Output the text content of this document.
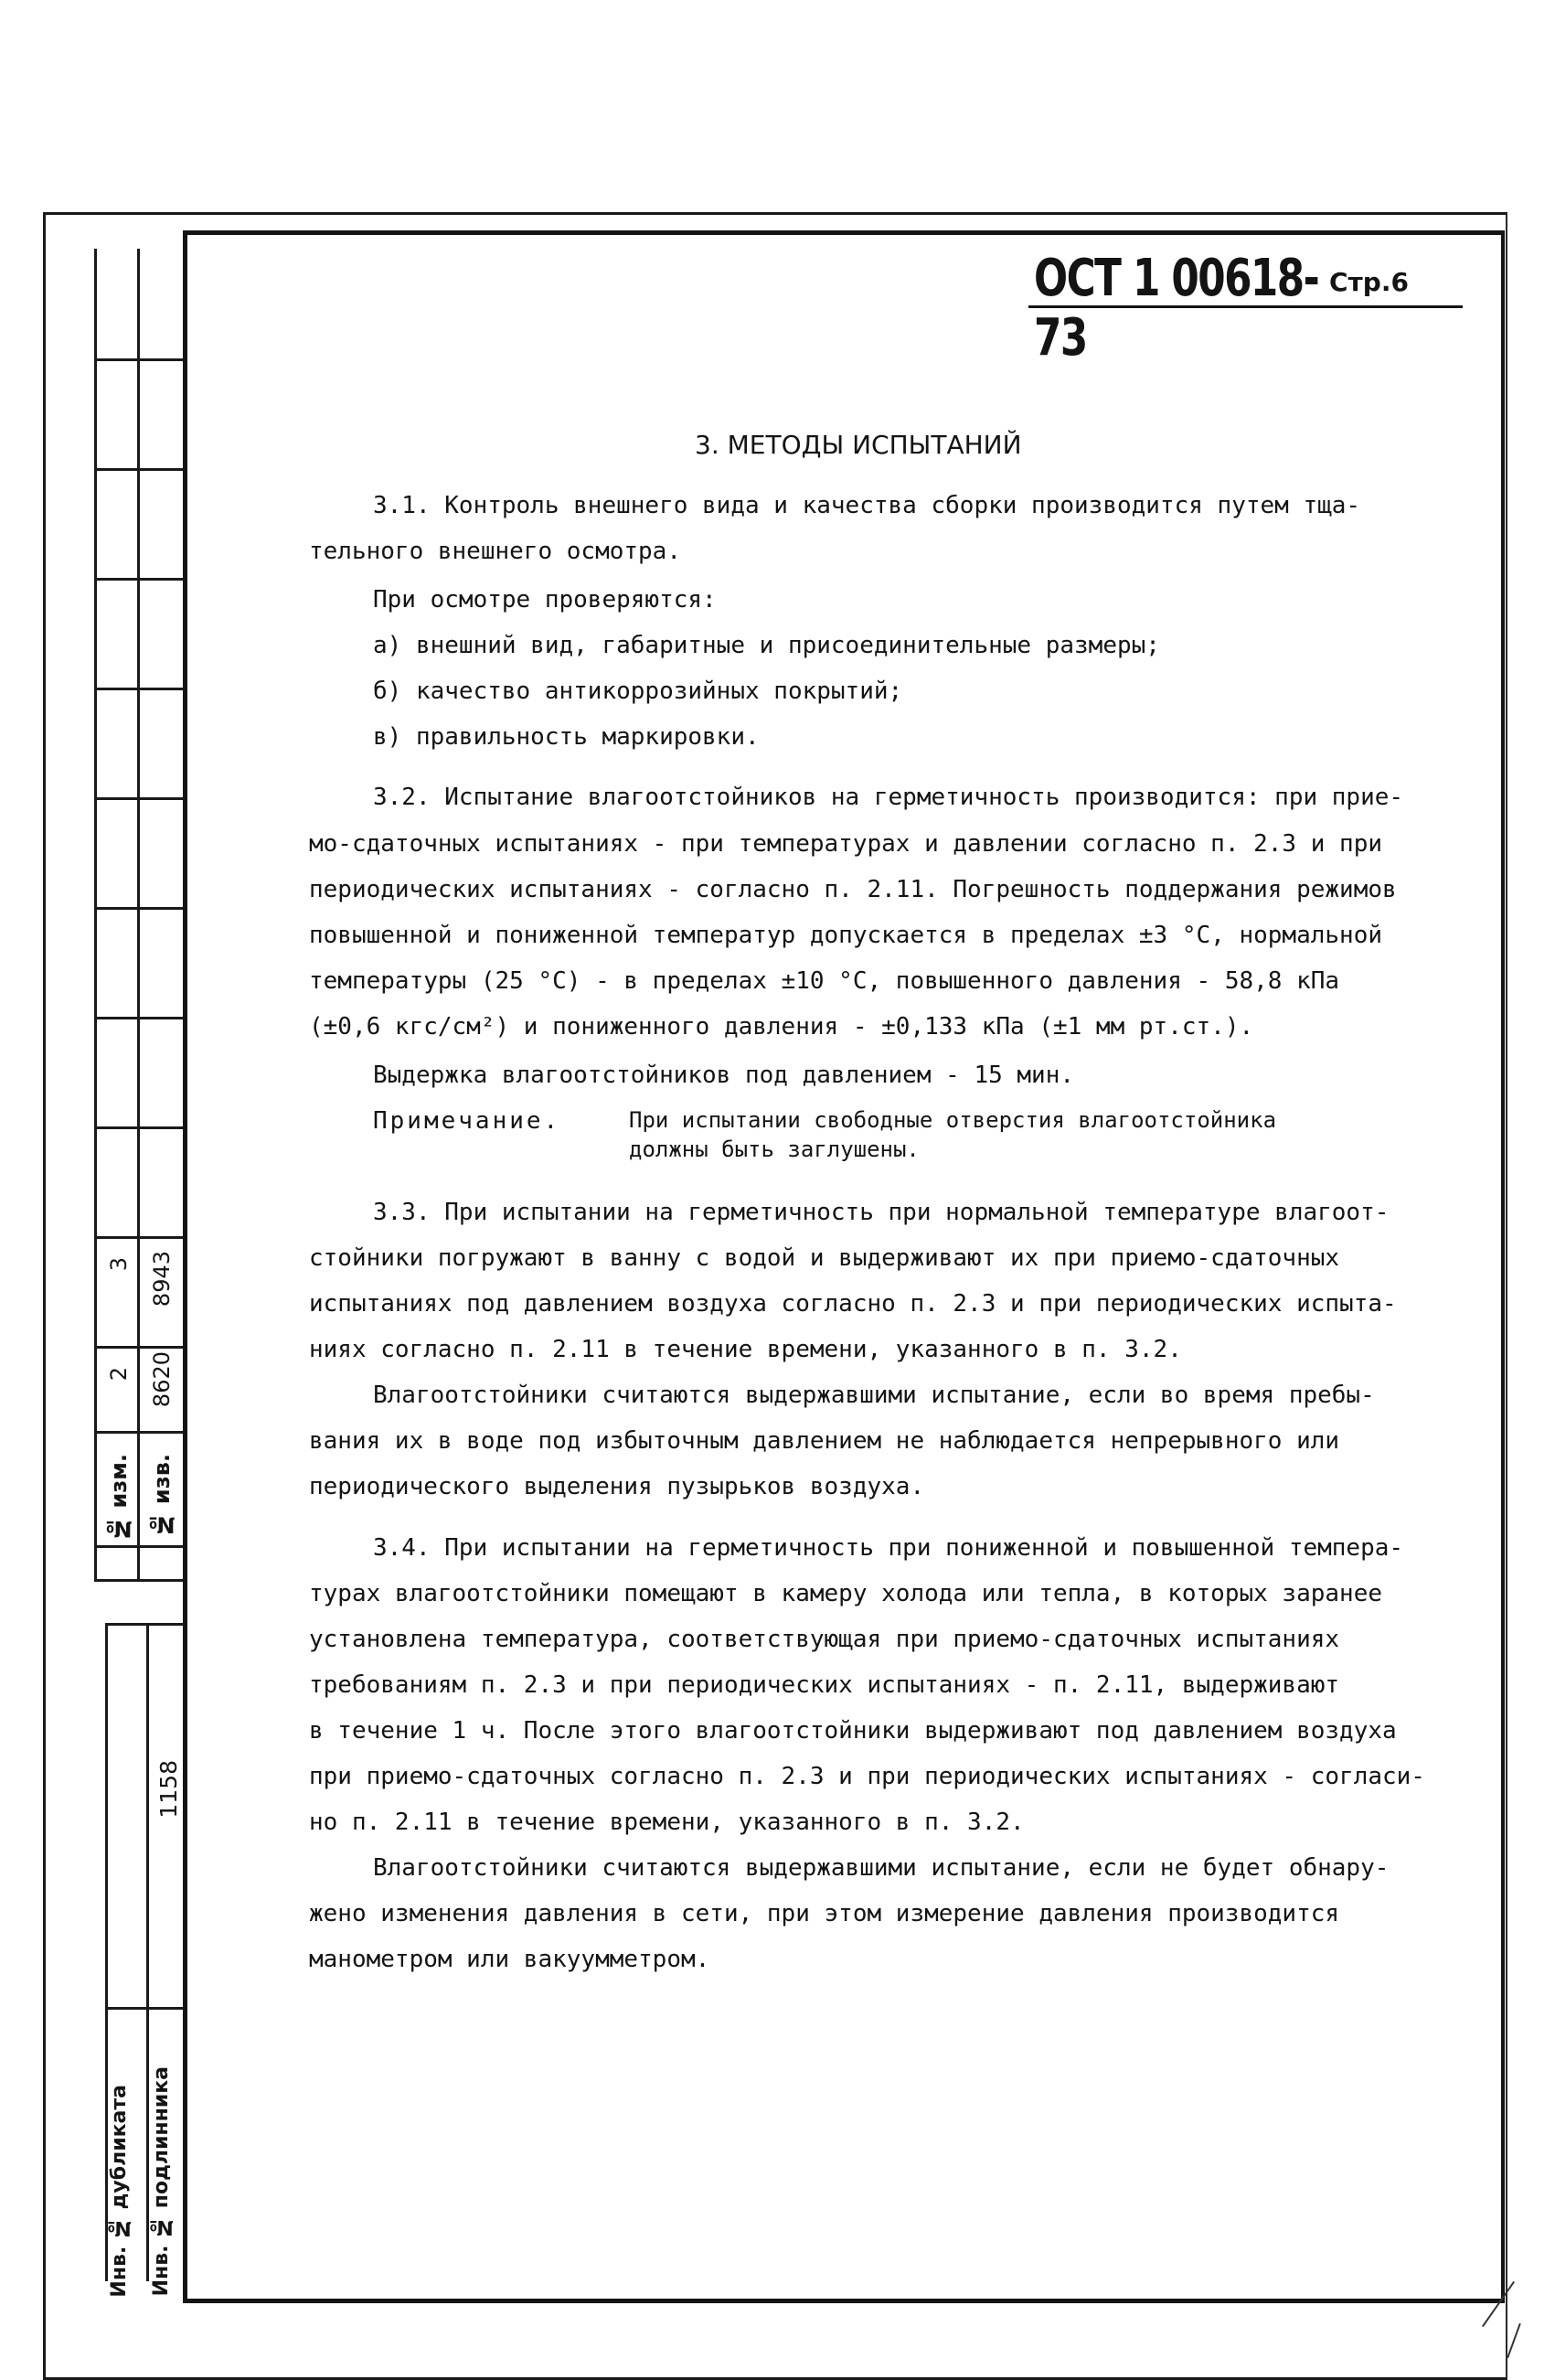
№ изм. № изв.
2 8620
3 8943
1158
Инв. № дубликата Инв. № подлинника
ОСТ 1 00618-73
Стр.6
3. МЕТОДЫ ИСПЫТАНИЙ
3.1. Контроль внешнего вида и качества сборки производится путем тща-
тельного внешнего осмотра.
При осмотре проверяются:
а) внешний вид, габаритные и присоединительные размеры;
б) качество антикоррозийных покрытий;
в) правильность маркировки.
3.2. Испытание влагоотстойников на герметичность производится: при прие-
мо-сдаточных испытаниях - при температурах и давлении согласно п. 2.3 и при
периодических испытаниях - согласно п. 2.11. Погрешность поддержания режимов
повышенной и пониженной температур допускается в пределах ±3 °С, нормальной
температуры (25 °С) - в пределах ±10 °С, повышенного давления - 58,8 кПа
(±0,6 кгс/см²) и пониженного давления - ±0,133 кПа (±1 мм рт.ст.).
Выдержка влагоотстойников под давлением - 15 мин.
Примечание.	При испытании свободные отверстия влагоотстойника
должны быть заглушены.
3.3. При испытании на герметичность при нормальной температуре влагоот-
стойники погружают в ванну с водой и выдерживают их при приемо-сдаточных
испытаниях под давлением воздуха согласно п. 2.3 и при периодических испыта-
ниях согласно п. 2.11 в течение времени, указанного в п. 3.2.
Влагоотстойники считаются выдержавшими испытание, если во время пребы-
вания их в воде под избыточным давлением не наблюдается непрерывного или
периодического выделения пузырьков воздуха.
3.4. При испытании на герметичность при пониженной и повышенной темпера-
турах влагоотстойники помещают в камеру холода или тепла, в которых заранее
установлена температура, соответствующая при приемо-сдаточных испытаниях
требованиям п. 2.3 и при периодических испытаниях - п. 2.11, выдерживают
в течение 1 ч. После этого влагоотстойники выдерживают под давлением воздуха
при приемо-сдаточных согласно п. 2.3 и при периодических испытаниях - согласи-
но п. 2.11 в течение времени, указанного в п. 3.2.
Влагоотстойники считаются выдержавшими испытание, если не будет обнару-
жено изменения давления в сети, при этом измерение давления производится
манометром или вакуумметром.
